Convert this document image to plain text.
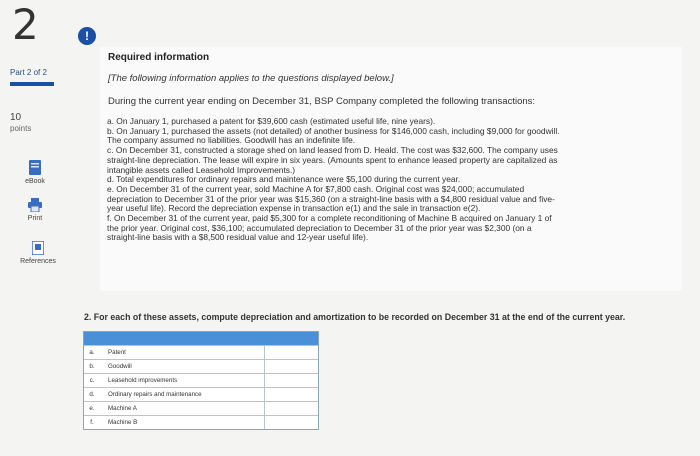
2	!
Part 2 of 2
10
points
eBook
Print
References
Required information
[The following information applies to the questions displayed below.]
During the current year ending on December 31, BSP Company completed the following transactions:

a. On January 1, purchased a patent for $39,600 cash (estimated useful life, nine years).

b. On January 1, purchased the assets (not detailed) of another business for $146,000 cash, including $9,000 for goodwill.

The company assumed no liabilities. Goodwill has an indefinite life.

c. On December 31, constructed a storage shed on land leased from D. Heald. The cost was $32,600. The company uses

straight-line depreciation. The lease will expire in six years. (Amounts spent to enhance leased property are capitalized as

intangible assets called Leasehold Improvements.)

d. Total expenditures for ordinary repairs and maintenance were $5,100 during the current year.

e. On December 31 of the current year, sold Machine A for $7,800 cash. Original cost was $24,000; accumulated

depreciation to December 31 of the prior year was $15,360 (on a straight-line basis with a $4,800 residual value and five-

year useful life). Record the depreciation expense in transaction e(1) and the sale in transaction e(2).

f. On December 31 of the current year, paid $5,300 for a complete reconditioning of Machine B acquired on January 1 of

the prior year. Original cost, $36,100; accumulated depreciation to December 31 of the prior year was $2,300 (on a

straight-line basis with a $8,500 residual value and 12-year useful life).

2. For each of these assets, compute depreciation and amortization to be recorded on December 31 at the end of the current year.
a.	Patent
b.	Goodwill
c.	Leasehold improvements
d.	Ordinary repairs and maintenance
e.	Machine A
f.	Machine B
